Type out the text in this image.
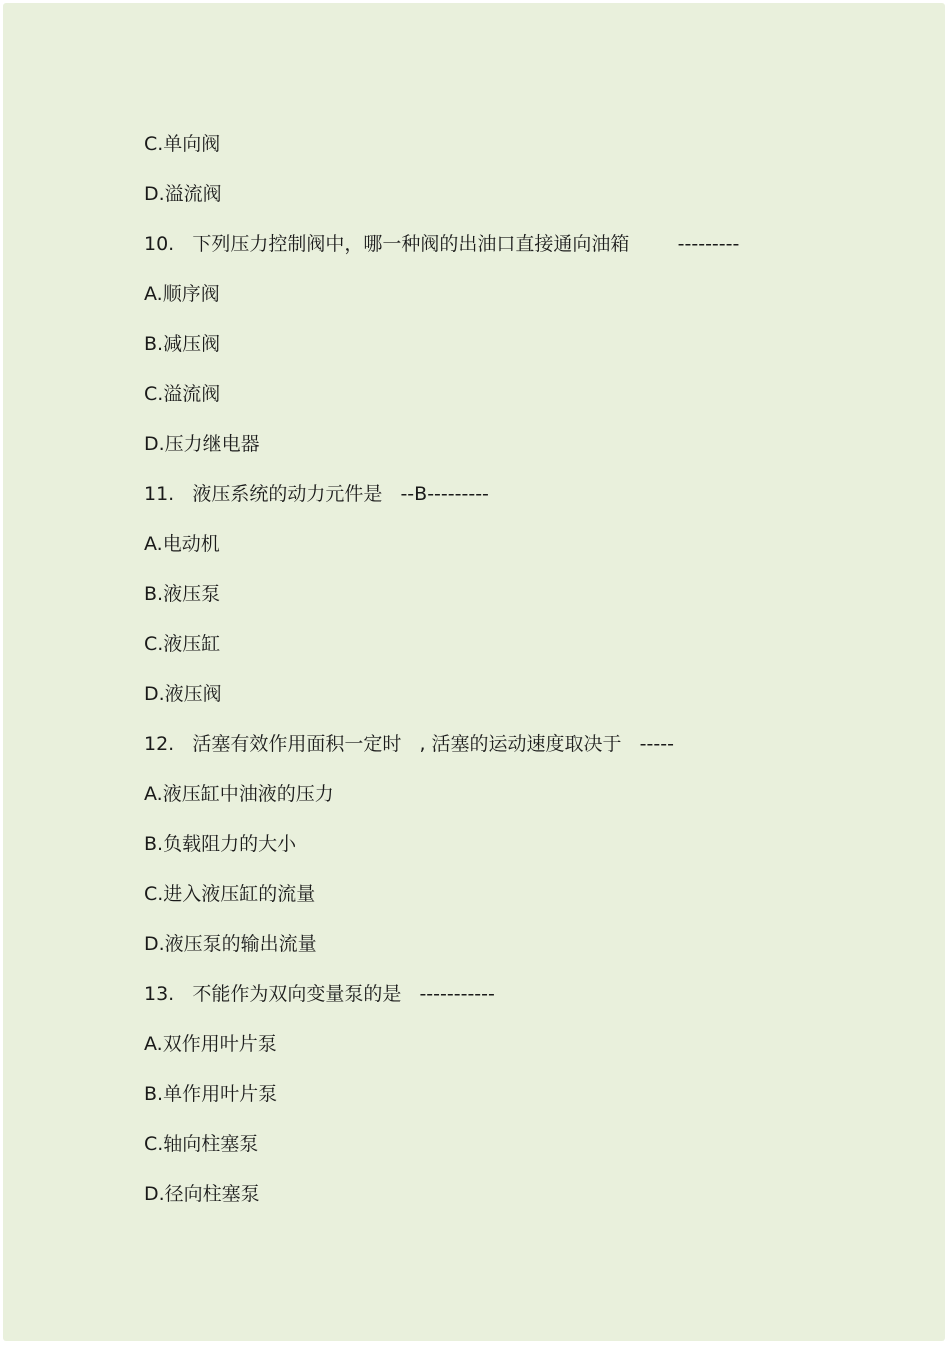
C.单向阀

D.溢流阀

10.   下列压力控制阀中，哪一种阀的出油口直接通向油箱        ---------

A.顺序阀

B.减压阀

C.溢流阀

D.压力继电器

11.   液压系统的动力元件是   --B---------

A.电动机

B.液压泵

C.液压缸

D.液压阀

12.   活塞有效作用面积一定时   , 活塞的运动速度取决于   -----

A.液压缸中油液的压力

B.负载阻力的大小

C.进入液压缸的流量

D.液压泵的输出流量

13.   不能作为双向变量泵的是   -----------

A.双作用叶片泵

B.单作用叶片泵

C.轴向柱塞泵

D.径向柱塞泵
